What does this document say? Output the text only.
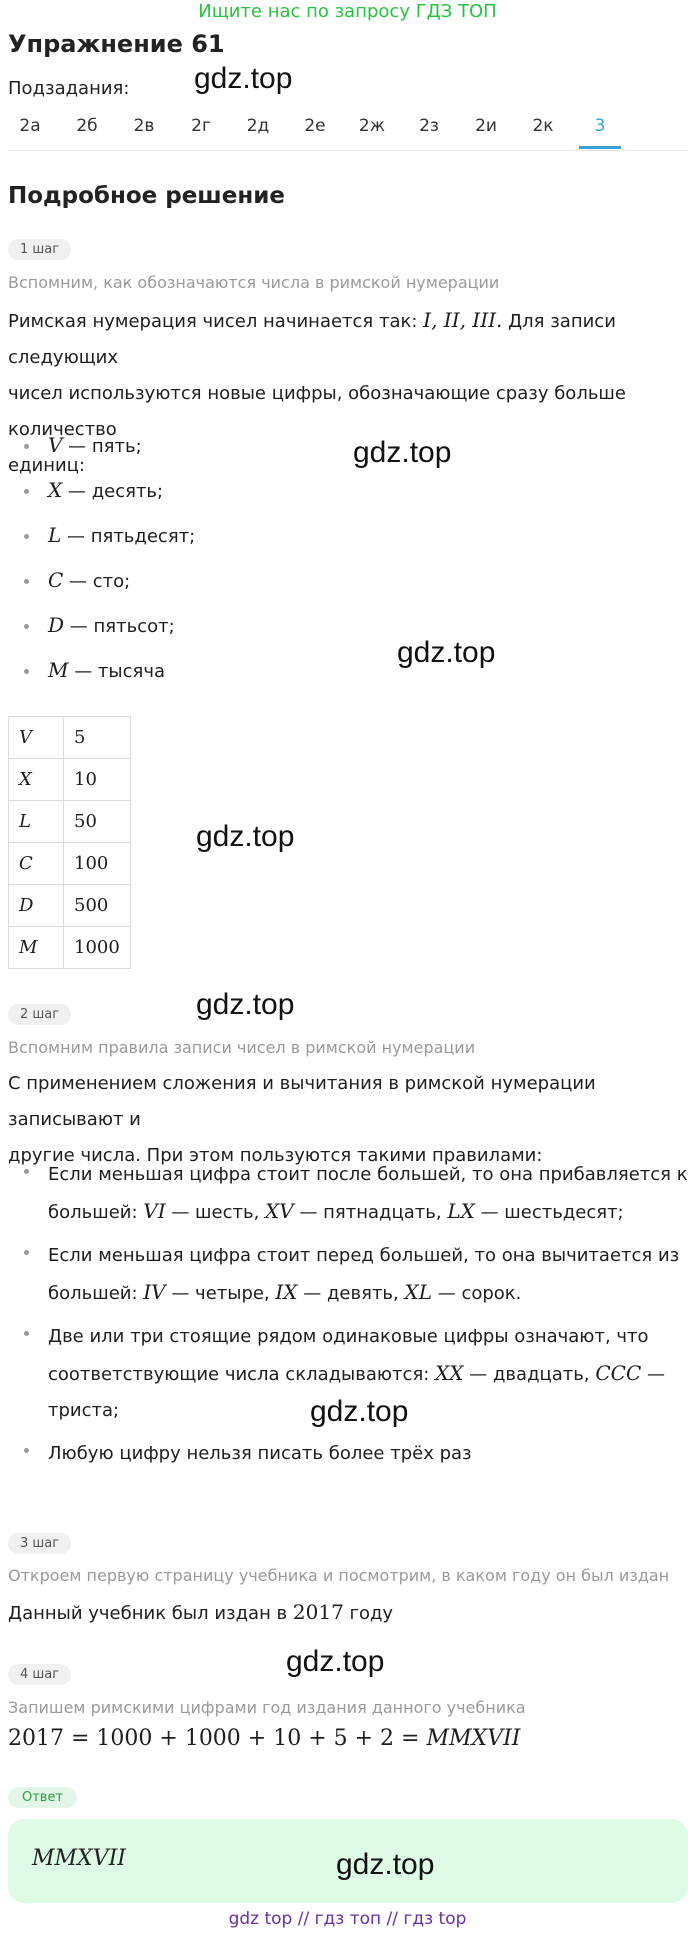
Ищите нас по запросу ГДЗ ТОП
Упражнение 61
Подзадания: gdz.top
2а	2б	2в	2г	2д	2е	2ж	2з	2и	2к	3
Подробное решение
1 шаг
Вспомним, как обозначаются числа в римской нумерации
Римская нумерация чисел начинается так: I, II, III. Для записи следующих
чисел используются новые цифры, обозначающие сразу больше количество
единиц:
V — пять;
X — десять;
L — пятьдесят;
C — сто;
D — пятьсот;
M — тысяча
gdz.top
gdz.top
V	5
X	10
L	50
C	100
D	500
M	1000
gdz.top
gdz.top
2 шаг
Вспомним правила записи чисел в римской нумерации
С применением сложения и вычитания в римской нумерации записывают и
другие числа. При этом пользуются такими правилами:
Если меньшая цифра стоит после большей, то она прибавляется к
большей: VI — шесть, XV — пятнадцать, LX — шестьдесят;
Если меньшая цифра стоит перед большей, то она вычитается из
большей: IV — четыре, IX — девять, XL — сорок.
Две или три стоящие рядом одинаковые цифры означают, что
соответствующие числа складываются: XX — двадцать, CCC —
триста;
Любую цифру нельзя писать более трёх раз
gdz.top
3 шаг
Откроем первую страницу учебника и посмотрим, в каком году он был издан
Данный учебник был издан в 2017 году
gdz.top
4 шаг
Запишем римскими цифрами год издания данного учебника
2017 = 1000 + 1000 + 10 + 5 + 2 = MMXVII
Ответ
MMXVII	gdz.top
gdz top // гдз топ // гдз top
